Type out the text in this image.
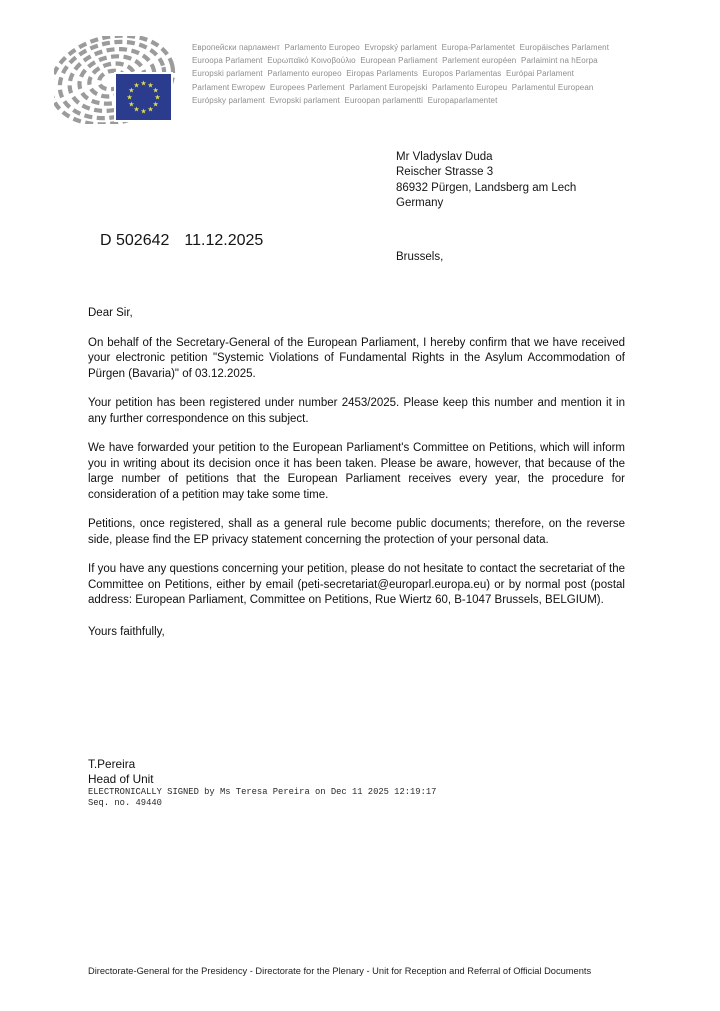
★ ★
★
★
★
★
★
★
★
★
★
★
Европейски парламент  Parlamento Europeo  Evropský parlament  Europa-Parlamentet  Europäisches Parlament
Euroopa Parlament  Ευρωπαϊκό Κοινοβούλιο  European Parliament  Parlement européen  Parlaimint na hEorpa
Europski parlament  Parlamento europeo  Eiropas Parlaments  Europos Parlamentas  Európai Parlament
Parlament Ewropew  Europees Parlement  Parlament Europejski  Parlamento Europeu  Parlamentul European
Európsky parlament  Evropski parlament  Euroopan parlamentti  Europaparlamentet
Mr Vladyslav Duda
Reischer Strasse 3
86932 Pürgen, Landsberg am Lech
Germany
D 502642 11.12.2025
Brussels,

Dear Sir,

On behalf of the Secretary-General of the European Parliament, I hereby confirm that we have received your electronic petition "Systemic Violations of Fundamental Rights in the Asylum Accommodation of Pürgen (Bavaria)" of 03.12.2025.

Your petition has been registered under number 2453/2025. Please keep this number and mention it in any further correspondence on this subject.

We have forwarded your petition to the European Parliament's Committee on Petitions, which will inform you in writing about its decision once it has been taken. Please be aware, however, that because of the large number of petitions that the European Parliament receives every year, the procedure for consideration of a petition may take some time.

Petitions, once registered, shall as a general rule become public documents; therefore, on the reverse side, please find the EP privacy statement concerning the protection of your personal data.

If you have any questions concerning your petition, please do not hesitate to contact the secretariat of the Committee on Petitions, either by email (peti-secretariat@europarl.europa.eu) or by normal post (postal address: European Parliament, Committee on Petitions, Rue Wiertz 60, B-1047 Brussels, BELGIUM).

Yours faithfully,

T.Pereira
Head of Unit
ELECTRONICALLY SIGNED by Ms Teresa Pereira on Dec 11 2025 12:19:17
Seq. no. 49440
Directorate-General for the Presidency - Directorate for the Plenary - Unit for Reception and Referral of Official Documents
